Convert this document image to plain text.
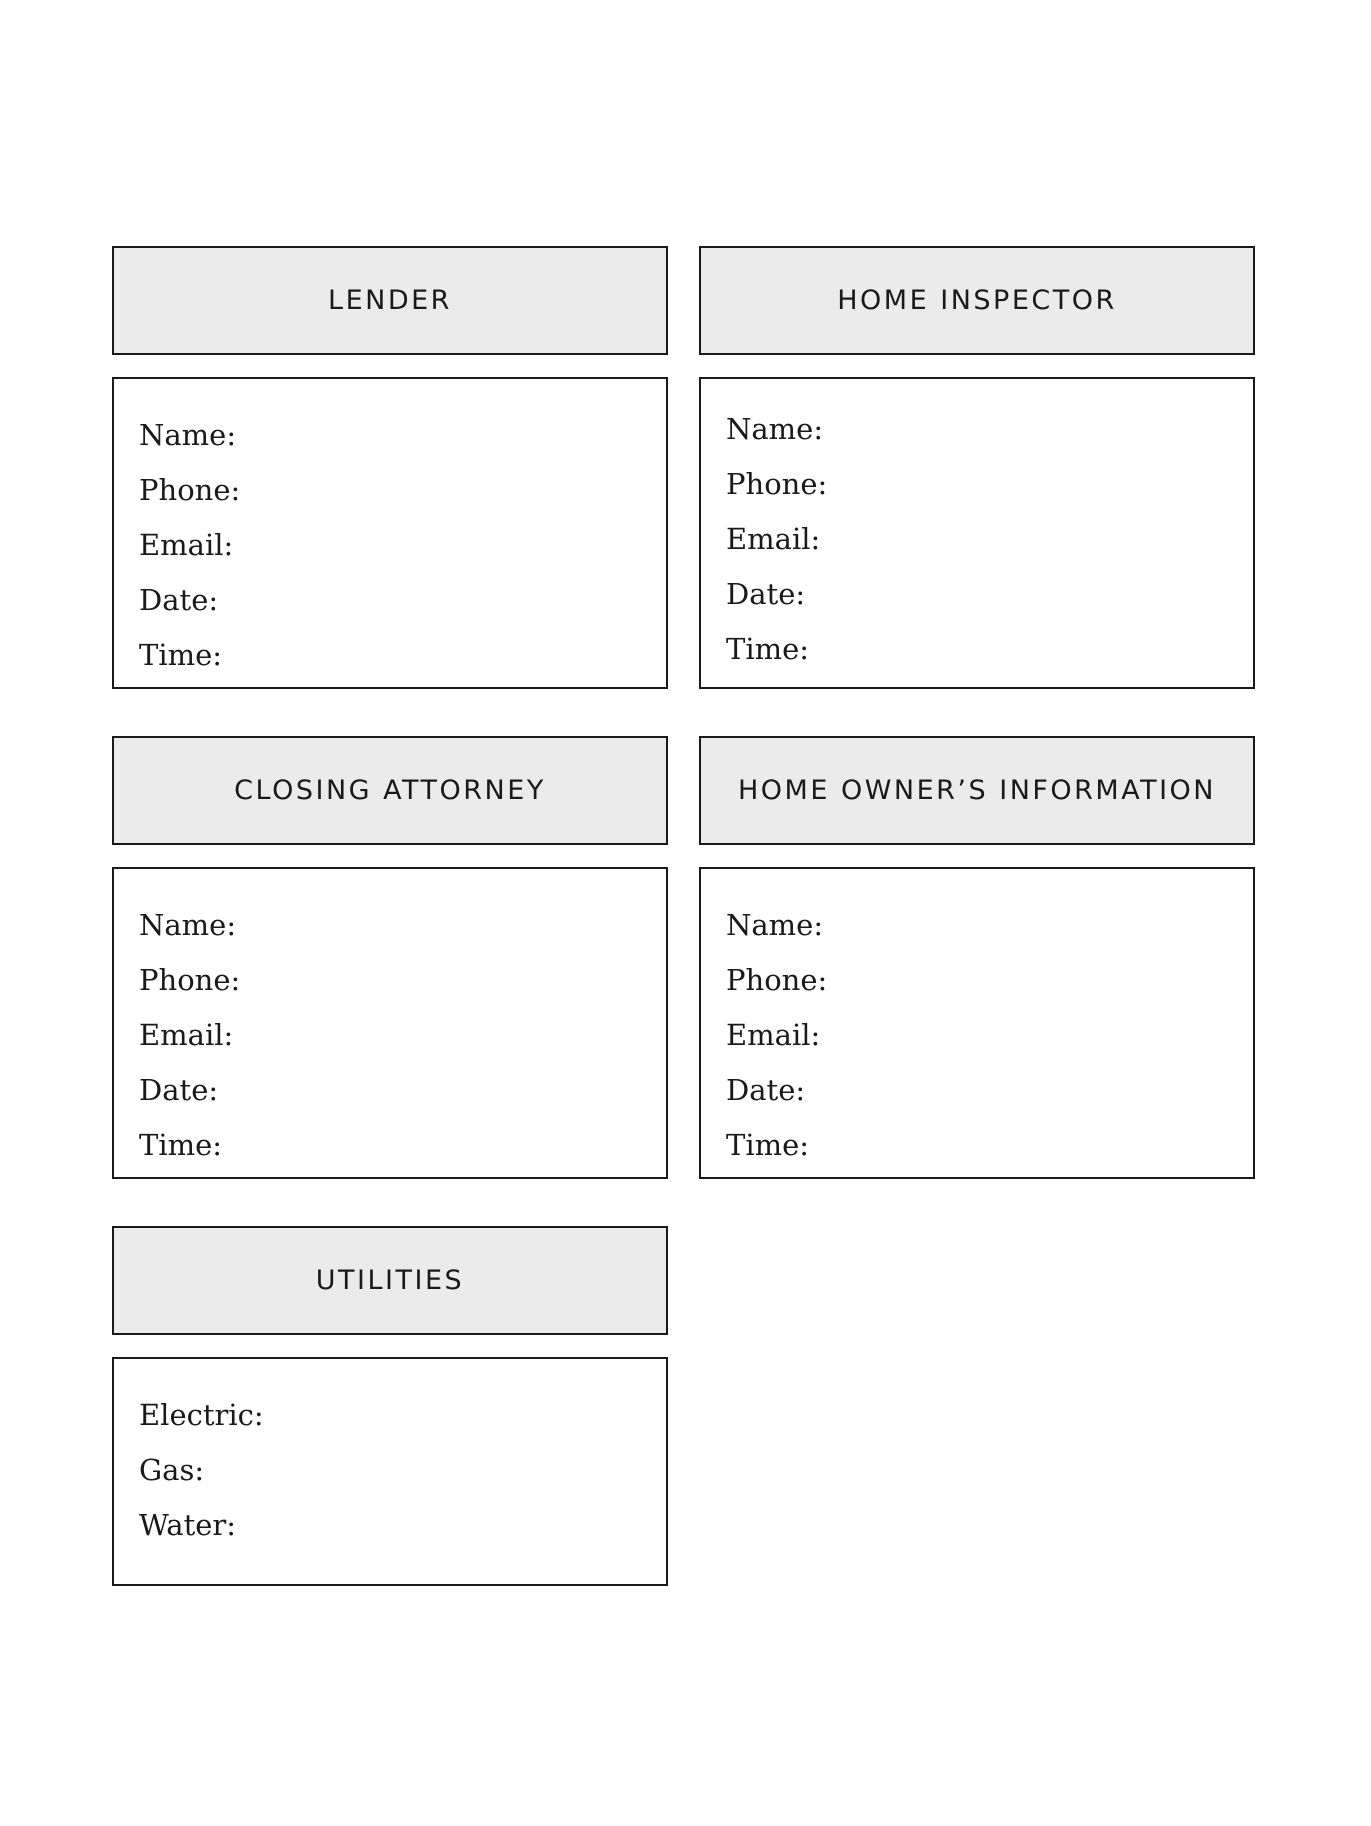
LENDER
Name:
Phone:
Email:
Date:
Time:
HOME INSPECTOR
Name:
Phone:
Email:
Date:
Time:
CLOSING ATTORNEY
Name:
Phone:
Email:
Date:
Time:
HOME OWNER’S INFORMATION
Name:
Phone:
Email:
Date:
Time:
UTILITIES
Electric:
Gas:
Water:
